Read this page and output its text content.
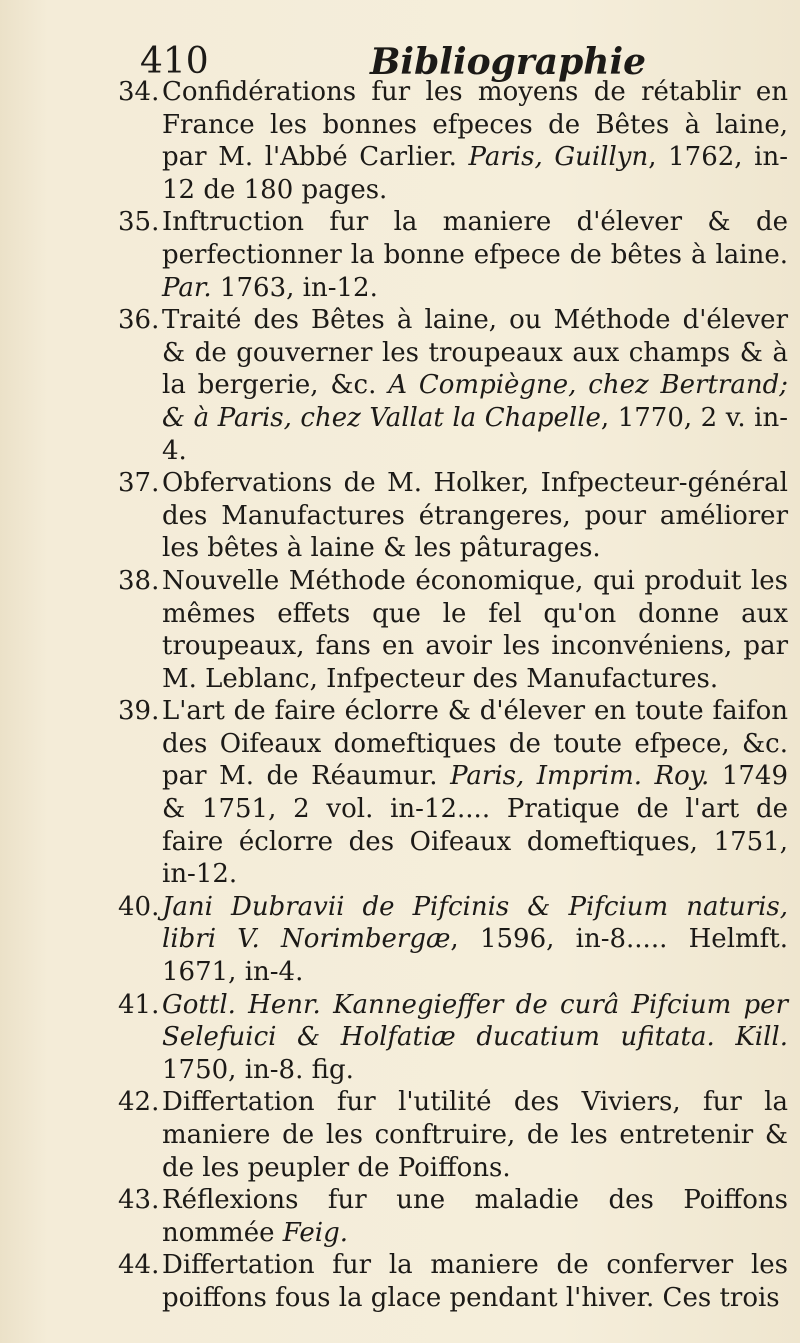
410	Bibliographie

34. Confidérations fur les moyens de rétablir en France les bonnes efpeces de Bêtes à laine, par M. l'Abbé Carlier. Paris, Guillyn, 1762, in-12 de 180 pages.

35. Inftruction fur la maniere d'élever & de perfectionner la bonne efpece de bêtes à laine. Par. 1763, in-12.

36. Traité des Bêtes à laine, ou Méthode d'élever & de gouverner les troupeaux aux champs & à la bergerie, &c. A Compiègne, chez Bertrand; & à Paris, chez Vallat la Chapelle, 1770, 2 v. in-4.

37. Obfervations de M. Holker, Infpecteur-général des Manufactures étrangeres, pour améliorer les bêtes à laine & les pâturages.

38. Nouvelle Méthode économique, qui produit les mêmes effets que le fel qu'on donne aux troupeaux, fans en avoir les inconvéniens, par M. Leblanc, Infpecteur des Manufactures.

39. L'art de faire éclorre & d'élever en toute faifon des Oifeaux domeftiques de toute efpece, &c. par M. de Réaumur. Paris, Imprim. Roy. 1749 & 1751, 2 vol. in-12.... Pratique de l'art de faire éclorre des Oifeaux domeftiques, 1751, in-12.

40. Jani Dubravii de Pifcinis & Pifcium naturis, libri V. Norimbergæ, 1596, in-8..... Helmft. 1671, in-4.

41. Gottl. Henr. Kannegieffer de curâ Pifcium per Selefuici & Holfatiæ ducatium ufitata. Kill. 1750, in-8. fig.

42. Differtation fur l'utilité des Viviers, fur la maniere de les conftruire, de les entretenir & de les peupler de Poiffons.

43. Réflexions fur une maladie des Poiffons nommée Feig.

44. Differtation fur la maniere de conferver les poiffons fous la glace pendant l'hiver. Ces trois
